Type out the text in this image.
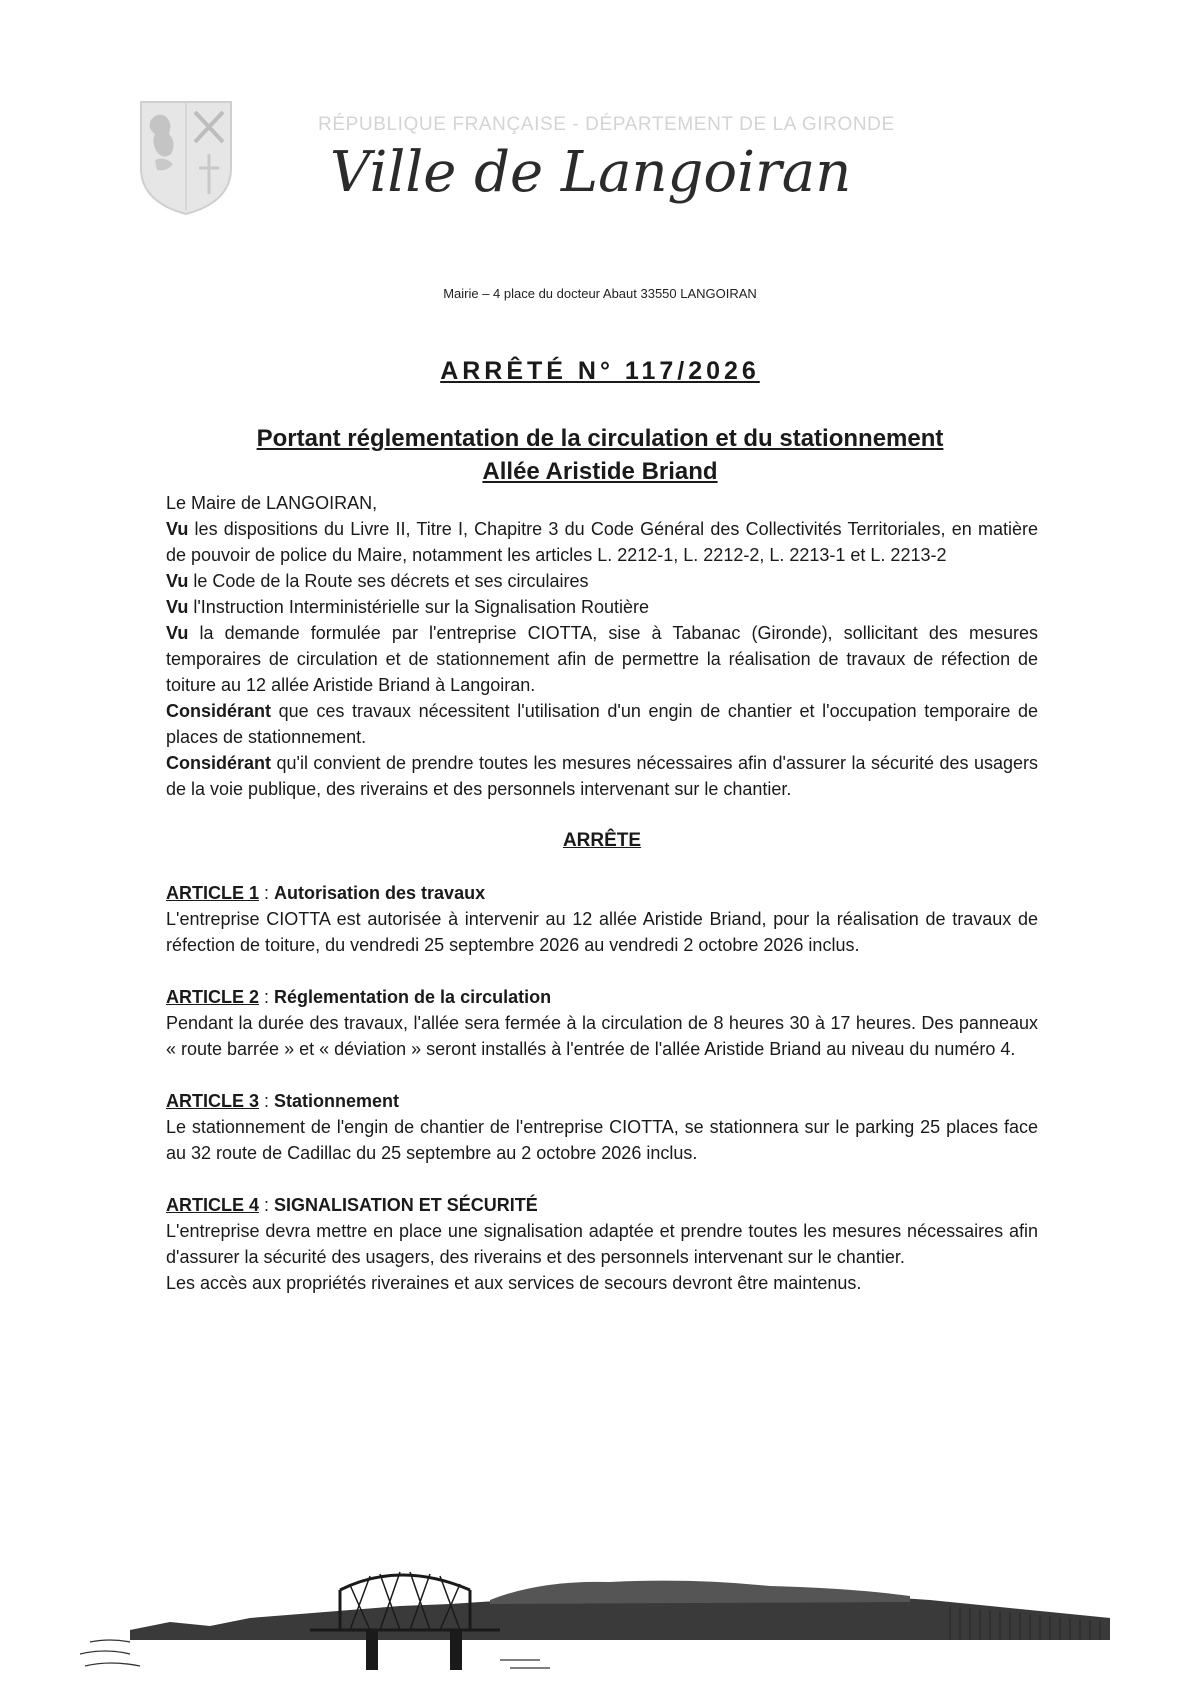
RÉPUBLIQUE FRANÇAISE - DÉPARTEMENT DE LA GIRONDE
Ville de Langoiran
Mairie – 4 place du docteur Abaut 33550 LANGOIRAN
ARRÊTÉ N° 117/2026
Portant réglementation de la circulation et du stationnement
Allée Aristide Briand

Le Maire de LANGOIRAN,

Vu les dispositions du Livre II, Titre I, Chapitre 3 du Code Général des Collectivités Territoriales, en matière de pouvoir de police du Maire, notamment les articles L. 2212-1, L. 2212-2, L. 2213-1 et L. 2213-2

Vu le Code de la Route ses décrets et ses circulaires

Vu l'Instruction Interministérielle sur la Signalisation Routière

Vu la demande formulée par l'entreprise CIOTTA, sise à Tabanac (Gironde), sollicitant des mesures temporaires de circulation et de stationnement afin de permettre la réalisation de travaux de réfection de toiture au 12 allée Aristide Briand à Langoiran.

Considérant que ces travaux nécessitent l'utilisation d'un engin de chantier et l'occupation temporaire de places de stationnement.

Considérant qu'il convient de prendre toutes les mesures nécessaires afin d'assurer la sécurité des usagers de la voie publique, des riverains et des personnels intervenant sur le chantier.

ARRÊTE

ARTICLE 1 : Autorisation des travaux

L'entreprise CIOTTA est autorisée à intervenir au 12 allée Aristide Briand, pour la réalisation de travaux de réfection de toiture, du vendredi 25 septembre 2026 au vendredi 2 octobre 2026 inclus.

ARTICLE 2 : Réglementation de la circulation

Pendant la durée des travaux, l'allée sera fermée à la circulation de 8 heures 30 à 17 heures. Des panneaux « route barrée » et « déviation » seront installés à l'entrée de l'allée Aristide Briand au niveau du numéro 4.

ARTICLE 3 : Stationnement

Le stationnement de l'engin de chantier de l'entreprise CIOTTA, se stationnera sur le parking 25 places face au 32 route de Cadillac du 25 septembre au 2 octobre 2026 inclus.

ARTICLE 4 : SIGNALISATION ET SÉCURITÉ

L'entreprise devra mettre en place une signalisation adaptée et prendre toutes les mesures nécessaires afin d'assurer la sécurité des usagers, des riverains et des personnels intervenant sur le chantier.

Les accès aux propriétés riveraines et aux services de secours devront être maintenus.
